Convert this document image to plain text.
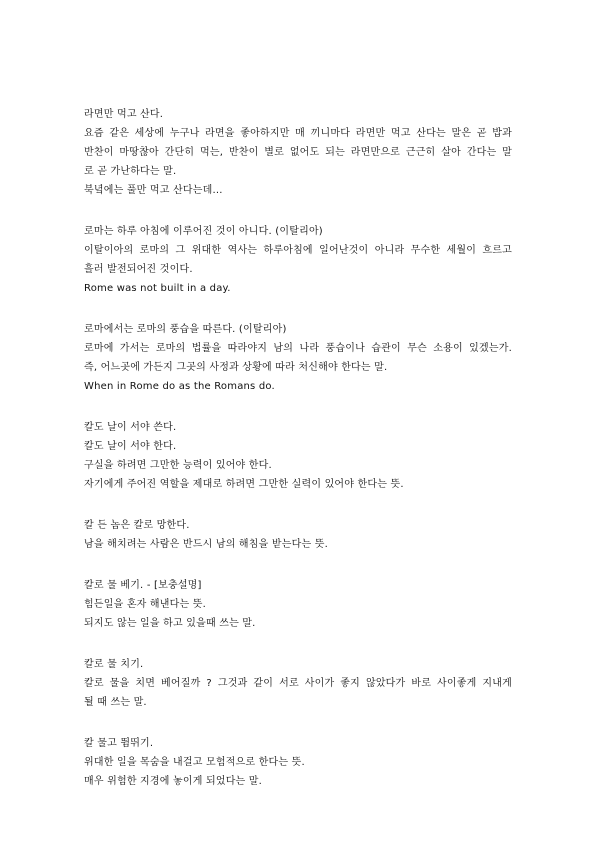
라면만 먹고 산다.
요즘 같은 세상에 누구나 라면을 좋아하지만 매 끼니마다 라면만 먹고 산다는 말은 곧 밥과
반찬이 마땅찮아 간단히 먹는, 반찬이 별로 없어도 되는 라면만으로 근근히 살아 간다는 말
로 곧 가난하다는 말.
북녘에는 풀만 먹고 산다는데...
로마는 하루 아침에 이루어진 것이 아니다. (이탈리아)
이탈이아의 로마의 그 위대한 역사는 하루아침에 일어난것이 아니라 무수한 세월이 흐르고
흘러 발전되어진 것이다.
Rome was not built in a day.
로마에서는 로마의 풍습을 따른다. (이탈리아)
로마에 가서는 로마의 법률을 따라야지 남의 나라 풍습이나 습관이 무슨 소용이 있겠는가.
즉, 어느곳에 가든지 그곳의 사정과 상황에 따라 처신해야 한다는 말.
When in Rome do as the Romans do.
칼도 날이 서야 쓴다.
칼도 날이 서야 한다.
구실을 하려면 그만한 능력이 있어야 한다.
자기에게 주어진 역할을 제대로 하려면 그만한 실력이 있어야 한다는 뜻.
칼 든 놈은 칼로 망한다.
남을 해치려는 사람은 반드시 남의 해침을 받는다는 뜻.
칼로 물 베기. - [보충설명]
힘든일을 혼자 해낸다는 뜻.
되지도 않는 일을 하고 있을때 쓰는 말.
칼로 물 치기.
칼로 물을 치면 베어질까 ? 그것과 같이 서로 사이가 좋지 않았다가 바로 사이좋게 지내게
될 때 쓰는 말.
칼 물고 뜀뛰기.
위대한 일을 목숨을 내걸고 모험적으로 한다는 뜻.
매우 위험한 지경에 놓이게 되었다는 말.
